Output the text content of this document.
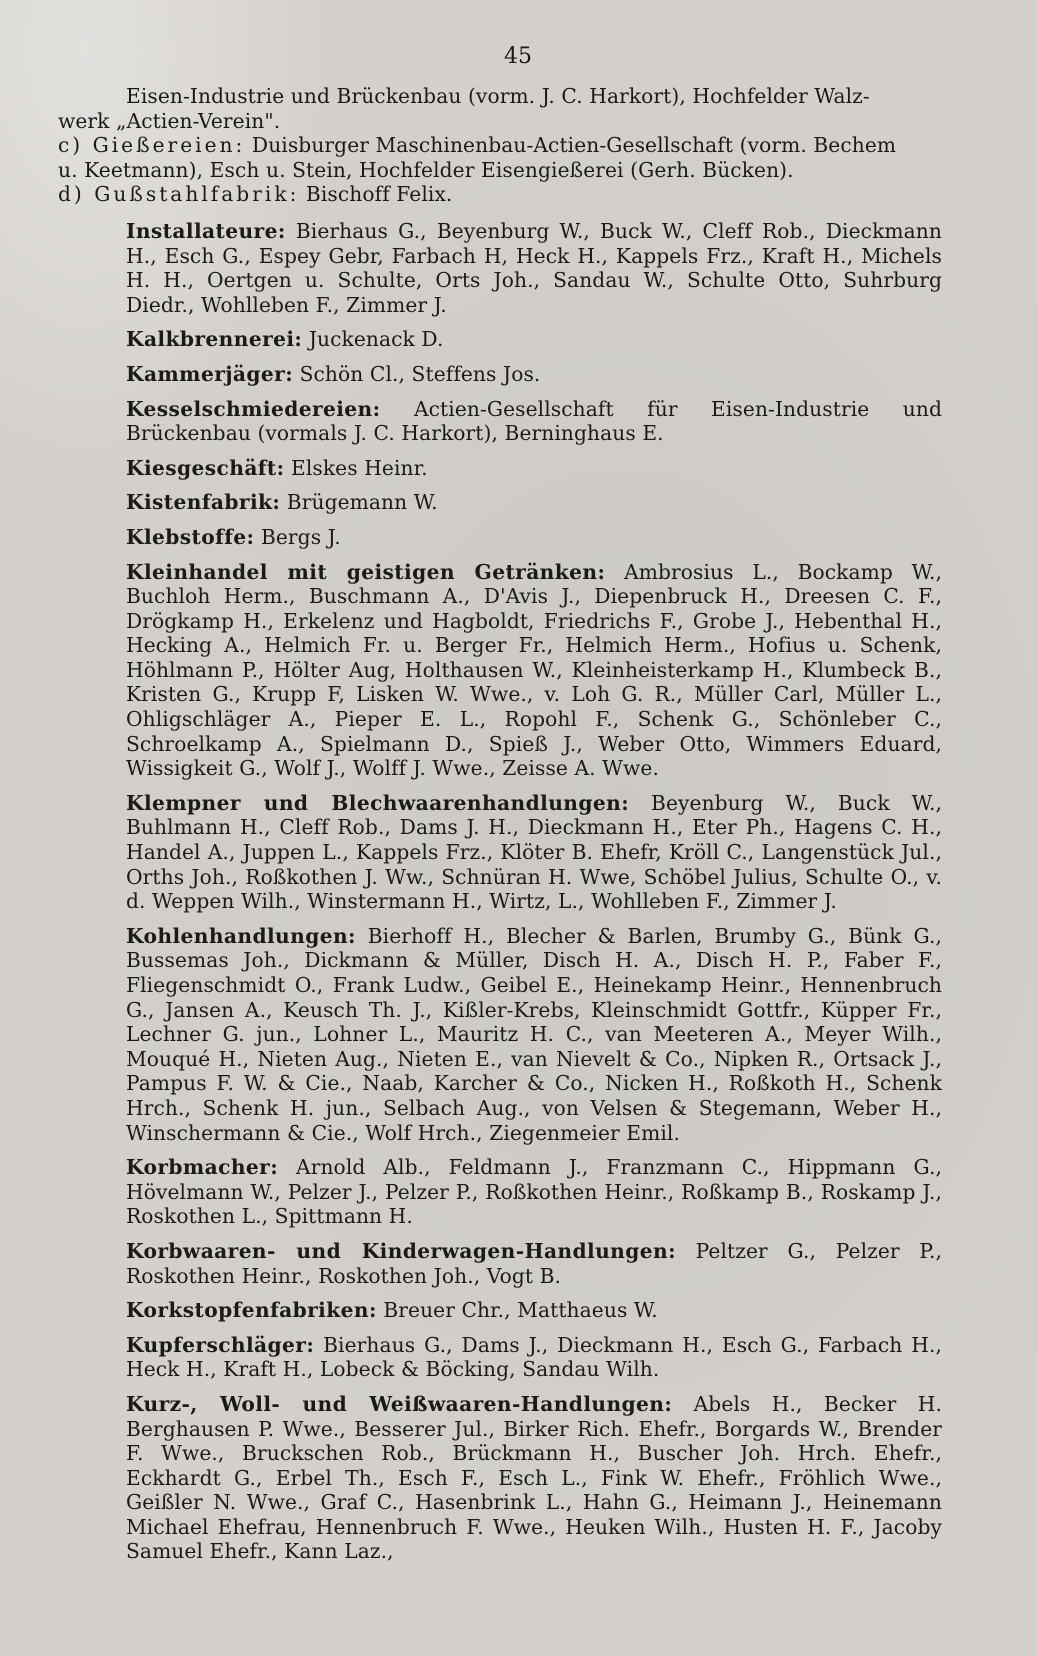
45
Eisen-Industrie und Brückenbau (vorm. J. C. Harkort), Hochfelder Walz-
werk „Actien-Verein".
c) Gießereien: Duisburger Maschinenbau-Actien-Gesellschaft (vorm. Bechem
u. Keetmann), Esch u. Stein, Hochfelder Eisengießerei (Gerh. Bücken).
d) Gußstahlfabrik: Bischoff Felix.
Installateure: Bierhaus G., Beyenburg W., Buck W., Cleff Rob., Dieckmann H., Esch G., Espey Gebr, Farbach H, Heck H., Kappels Frz., Kraft H., Michels H. H., Oertgen u. Schulte, Orts Joh., Sandau W., Schulte Otto, Suhrburg Diedr., Wohlleben F., Zimmer J.
Kalkbrennerei: Juckenack D.
Kammerjäger: Schön Cl., Steffens Jos.
Kesselschmiedereien: Actien-Gesellschaft für Eisen-Industrie und Brückenbau (vormals J. C. Harkort), Berninghaus E.
Kiesgeschäft: Elskes Heinr.
Kistenfabrik: Brügemann W.
Klebstoffe: Bergs J.
Kleinhandel mit geistigen Getränken: Ambrosius L., Bockamp W., Buchloh Herm., Buschmann A., D'Avis J., Diepenbruck H., Dreesen C. F., Drögkamp H., Erkelenz und Hagboldt, Friedrichs F., Grobe J., Hebenthal H., Hecking A., Helmich Fr. u. Berger Fr., Helmich Herm., Hofius u. Schenk, Höhlmann P., Hölter Aug, Holthausen W., Kleinheisterkamp H., Klumbeck B., Kristen G., Krupp F, Lisken W. Wwe., v. Loh G. R., Müller Carl, Müller L., Ohligschläger A., Pieper E. L., Ropohl F., Schenk G., Schönleber C., Schroelkamp A., Spielmann D., Spieß J., Weber Otto, Wimmers Eduard, Wissigkeit G., Wolf J., Wolff J. Wwe., Zeisse A. Wwe.
Klempner und Blechwaarenhandlungen: Beyenburg W., Buck W., Buhlmann H., Cleff Rob., Dams J. H., Dieckmann H., Eter Ph., Hagens C. H., Handel A., Juppen L., Kappels Frz., Klöter B. Ehefr, Kröll C., Langenstück Jul., Orths Joh., Roßkothen J. Ww., Schnüran H. Wwe, Schöbel Julius, Schulte O., v. d. Weppen Wilh., Winstermann H., Wirtz, L., Wohlleben F., Zimmer J.
Kohlenhandlungen: Bierhoff H., Blecher & Barlen, Brumby G., Bünk G., Bussemas Joh., Dickmann & Müller, Disch H. A., Disch H. P., Faber F., Fliegenschmidt O., Frank Ludw., Geibel E., Heinekamp Heinr., Hennenbruch G., Jansen A., Keusch Th. J., Kißler-Krebs, Kleinschmidt Gottfr., Küpper Fr., Lechner G. jun., Lohner L., Mauritz H. C., van Meeteren A., Meyer Wilh., Mouqué H., Nieten Aug., Nieten E., van Nievelt & Co., Nipken R., Ortsack J., Pampus F. W. & Cie., Naab, Karcher & Co., Nicken H., Roßkoth H., Schenk Hrch., Schenk H. jun., Selbach Aug., von Velsen & Stegemann, Weber H., Winschermann & Cie., Wolf Hrch., Ziegenmeier Emil.
Korbmacher: Arnold Alb., Feldmann J., Franzmann C., Hippmann G., Hövelmann W., Pelzer J., Pelzer P., Roßkothen Heinr., Roßkamp B., Roskamp J., Roskothen L., Spittmann H.
Korbwaaren- und Kinderwagen-Handlungen: Peltzer G., Pelzer P., Roskothen Heinr., Roskothen Joh., Vogt B.
Korkstopfenfabriken: Breuer Chr., Matthaeus W.
Kupferschläger: Bierhaus G., Dams J., Dieckmann H., Esch G., Farbach H., Heck H., Kraft H., Lobeck & Böcking, Sandau Wilh.
Kurz-, Woll- und Weißwaaren-Handlungen: Abels H., Becker H. Berghausen P. Wwe., Besserer Jul., Birker Rich. Ehefr., Borgards W., Brender F. Wwe., Bruckschen Rob., Brückmann H., Buscher Joh. Hrch. Ehefr., Eckhardt G., Erbel Th., Esch F., Esch L., Fink W. Ehefr., Fröhlich Wwe., Geißler N. Wwe., Graf C., Hasenbrink L., Hahn G., Heimann J., Heinemann Michael Ehefrau, Hennenbruch F. Wwe., Heuken Wilh., Husten H. F., Jacoby Samuel Ehefr., Kann Laz.,
